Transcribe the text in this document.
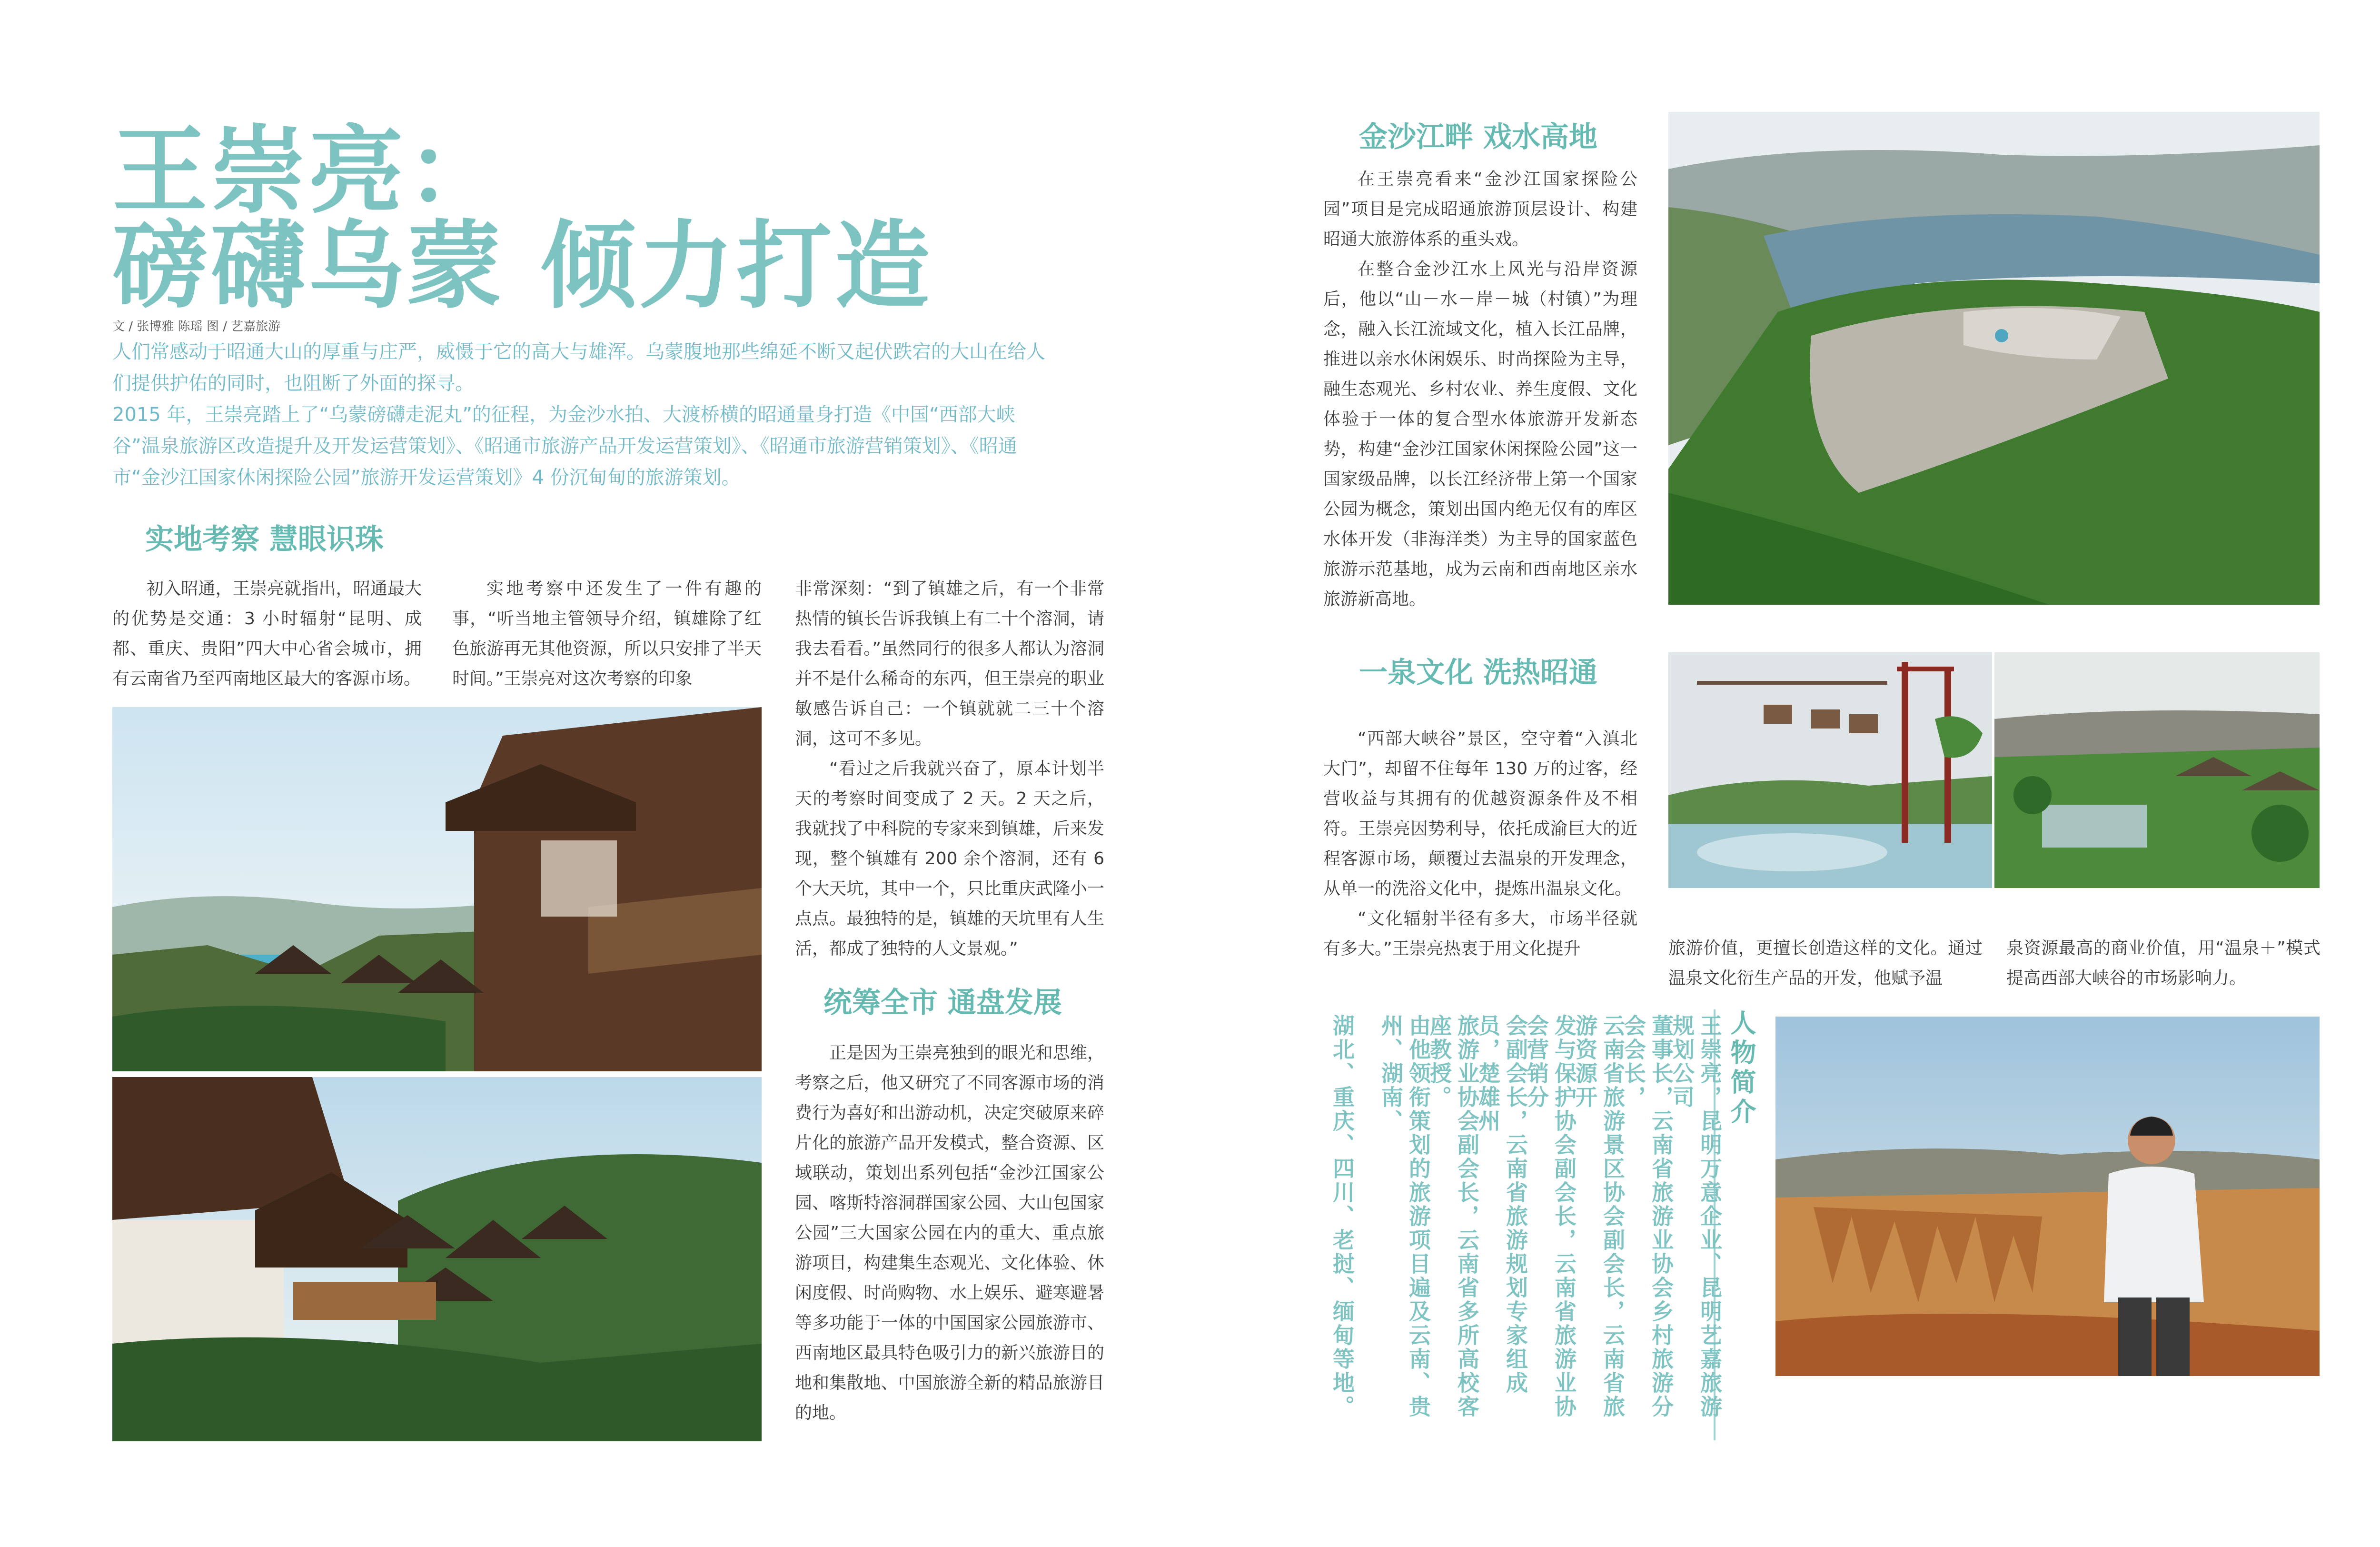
王崇亮：
磅礴乌蒙 倾力打造
文 / 张博雅 陈瑶 图 / 艺嘉旅游
人们常感动于昭通大山的厚重与庄严，威慑于它的高大与雄浑。乌蒙腹地那些绵延不断又起伏跌宕的大山在给人们提供护佑的同时，也阻断了外面的探寻。
2015 年，王崇亮踏上了“乌蒙磅礴走泥丸”的征程，为金沙水拍、大渡桥横的昭通量身打造《中国“西部大峡谷”温泉旅游区改造提升及开发运营策划》、《昭通市旅游产品开发运营策划》、《昭通市旅游营销策划》、《昭通市“金沙江国家休闲探险公园”旅游开发运营策划》4 份沉甸甸的旅游策划。
实地考察 慧眼识珠

初入昭通，王崇亮就指出，昭通最大的优势是交通：3 小时辐射“昆明、成都、重庆、贵阳”四大中心省会城市，拥有云南省乃至西南地区最大的客源市场。

实地考察中还发生了一件有趣的事，“听当地主管领导介绍，镇雄除了红色旅游再无其他资源，所以只安排了半天时间。”王崇亮对这次考察的印象

非常深刻：“到了镇雄之后，有一个非常热情的镇长告诉我镇上有二十个溶洞，请我去看看。”虽然同行的很多人都认为溶洞并不是什么稀奇的东西，但王崇亮的职业敏感告诉自己：一个镇就就二三十个溶洞，这可不多见。

“看过之后我就兴奋了，原本计划半天的考察时间变成了 2 天。2 天之后，我就找了中科院的专家来到镇雄，后来发现，整个镇雄有 200 余个溶洞，还有 6 个大天坑，其中一个，只比重庆武隆小一点点。最独特的是，镇雄的天坑里有人生活，都成了独特的人文景观。”

统筹全市 通盘发展

正是因为王崇亮独到的眼光和思维，考察之后，他又研究了不同客源市场的消费行为喜好和出游动机，决定突破原来碎片化的旅游产品开发模式，整合资源、区域联动，策划出系列包括“金沙江国家公园、喀斯特溶洞群国家公园、大山包国家公园”三大国家公园在内的重大、重点旅游项目，构建集生态观光、文化体验、休闲度假、时尚购物、水上娱乐、避寒避暑等多功能于一体的中国国家公园旅游市、西南地区最具特色吸引力的新兴旅游目的地和集散地、中国旅游全新的精品旅游目的地。

金沙江畔 戏水高地

在王崇亮看来“金沙江国家探险公园”项目是完成昭通旅游顶层设计、构建昭通大旅游体系的重头戏。

在整合金沙江水上风光与沿岸资源后，他以“山－水－岸－城（村镇）”为理念，融入长江流域文化，植入长江品牌，推进以亲水休闲娱乐、时尚探险为主导，融生态观光、乡村农业、养生度假、文化体验于一体的复合型水体旅游开发新态势，构建“金沙江国家休闲探险公园”这一国家级品牌，以长江经济带上第一个国家公园为概念，策划出国内绝无仅有的库区水体开发（非海洋类）为主导的国家蓝色旅游示范基地，成为云南和西南地区亲水旅游新高地。

一泉文化 洗热昭通

“西部大峡谷”景区，空守着“入滇北大门”，却留不住每年 130 万的过客，经营收益与其拥有的优越资源条件及不相符。王崇亮因势利导，依托成渝巨大的近程客源市场，颠覆过去温泉的开发理念，从单一的洗浴文化中，提炼出温泉文化。

“文化辐射半径有多大，市场半径就有多大。”王崇亮热衷于用文化提升	旅游价值，更擅长创造这样的文化。通过温泉文化衍生产品的开发，他赋予温

泉资源最高的商业价值，用“温泉＋”模式提高西部大峡谷的市场影响力。

人物简介
王崇亮，昆明万意企业、昆明艺嘉旅游规划公司
董事长，云南省旅游业协会乡村旅游分会会长，
云南省旅游景区协会副会长，云南省旅游资源开
发与保护协会副会长，云南省旅游业协会营销分
会副会长，云南省旅游规划专家组成员，楚雄州
旅游业协会副会长，云南省多所高校客座教授。
由他领衔策划的旅游项目遍及云南、贵州、湖南、
湖北、重庆、四川、老挝、缅甸等地。
